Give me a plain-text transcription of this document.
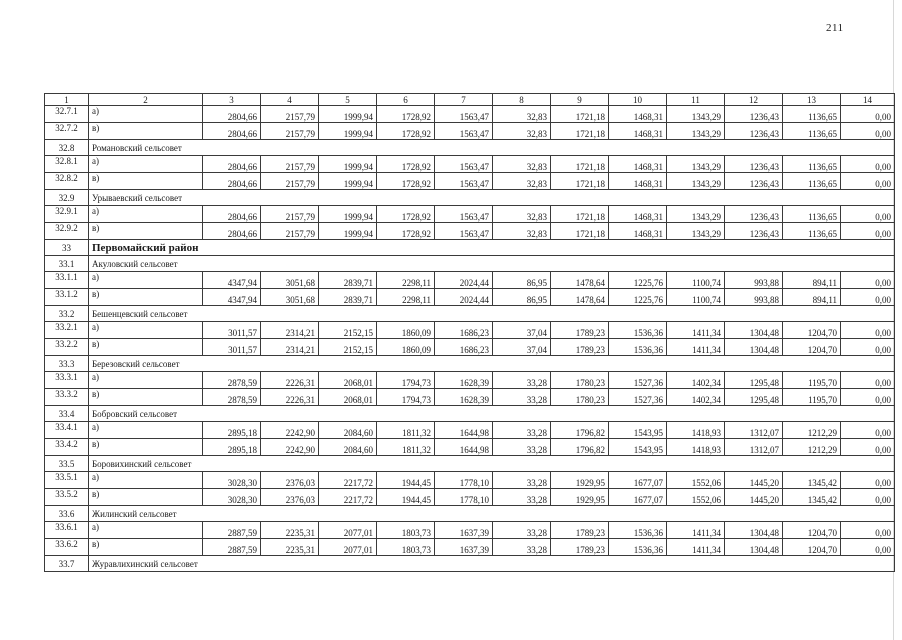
211
1	2	3	4	5	6	7	8	9	10	11	12	13	14
32.7.1	а)	2804,66	2157,79	1999,94	1728,92	1563,47	32,83	1721,18	1468,31	1343,29	1236,43	1136,65	0,00
32.7.2	в)	2804,66	2157,79	1999,94	1728,92	1563,47	32,83	1721,18	1468,31	1343,29	1236,43	1136,65	0,00
32.8	Романовский сельсовет												
32.8.1	а)	2804,66	2157,79	1999,94	1728,92	1563,47	32,83	1721,18	1468,31	1343,29	1236,43	1136,65	0,00
32.8.2	в)	2804,66	2157,79	1999,94	1728,92	1563,47	32,83	1721,18	1468,31	1343,29	1236,43	1136,65	0,00
32.9	Урываевский сельсовет												
32.9.1	а)	2804,66	2157,79	1999,94	1728,92	1563,47	32,83	1721,18	1468,31	1343,29	1236,43	1136,65	0,00
32.9.2	в)	2804,66	2157,79	1999,94	1728,92	1563,47	32,83	1721,18	1468,31	1343,29	1236,43	1136,65	0,00
33	Первомайский район												
33.1	Акуловский сельсовет												
33.1.1	а)	4347,94	3051,68	2839,71	2298,11	2024,44	86,95	1478,64	1225,76	1100,74	993,88	894,11	0,00
33.1.2	в)	4347,94	3051,68	2839,71	2298,11	2024,44	86,95	1478,64	1225,76	1100,74	993,88	894,11	0,00
33.2	Бешенцевский сельсовет												
33.2.1	а)	3011,57	2314,21	2152,15	1860,09	1686,23	37,04	1789,23	1536,36	1411,34	1304,48	1204,70	0,00
33.2.2	в)	3011,57	2314,21	2152,15	1860,09	1686,23	37,04	1789,23	1536,36	1411,34	1304,48	1204,70	0,00
33.3	Березовский сельсовет												
33.3.1	а)	2878,59	2226,31	2068,01	1794,73	1628,39	33,28	1780,23	1527,36	1402,34	1295,48	1195,70	0,00
33.3.2	в)	2878,59	2226,31	2068,01	1794,73	1628,39	33,28	1780,23	1527,36	1402,34	1295,48	1195,70	0,00
33.4	Бобровский сельсовет												
33.4.1	а)	2895,18	2242,90	2084,60	1811,32	1644,98	33,28	1796,82	1543,95	1418,93	1312,07	1212,29	0,00
33.4.2	в)	2895,18	2242,90	2084,60	1811,32	1644,98	33,28	1796,82	1543,95	1418,93	1312,07	1212,29	0,00
33.5	Боровихинский сельсовет												
33.5.1	а)	3028,30	2376,03	2217,72	1944,45	1778,10	33,28	1929,95	1677,07	1552,06	1445,20	1345,42	0,00
33.5.2	в)	3028,30	2376,03	2217,72	1944,45	1778,10	33,28	1929,95	1677,07	1552,06	1445,20	1345,42	0,00
33.6	Жилинский сельсовет												
33.6.1	а)	2887,59	2235,31	2077,01	1803,73	1637,39	33,28	1789,23	1536,36	1411,34	1304,48	1204,70	0,00
33.6.2	в)	2887,59	2235,31	2077,01	1803,73	1637,39	33,28	1789,23	1536,36	1411,34	1304,48	1204,70	0,00
33.7	Журавлихинский сельсовет												
